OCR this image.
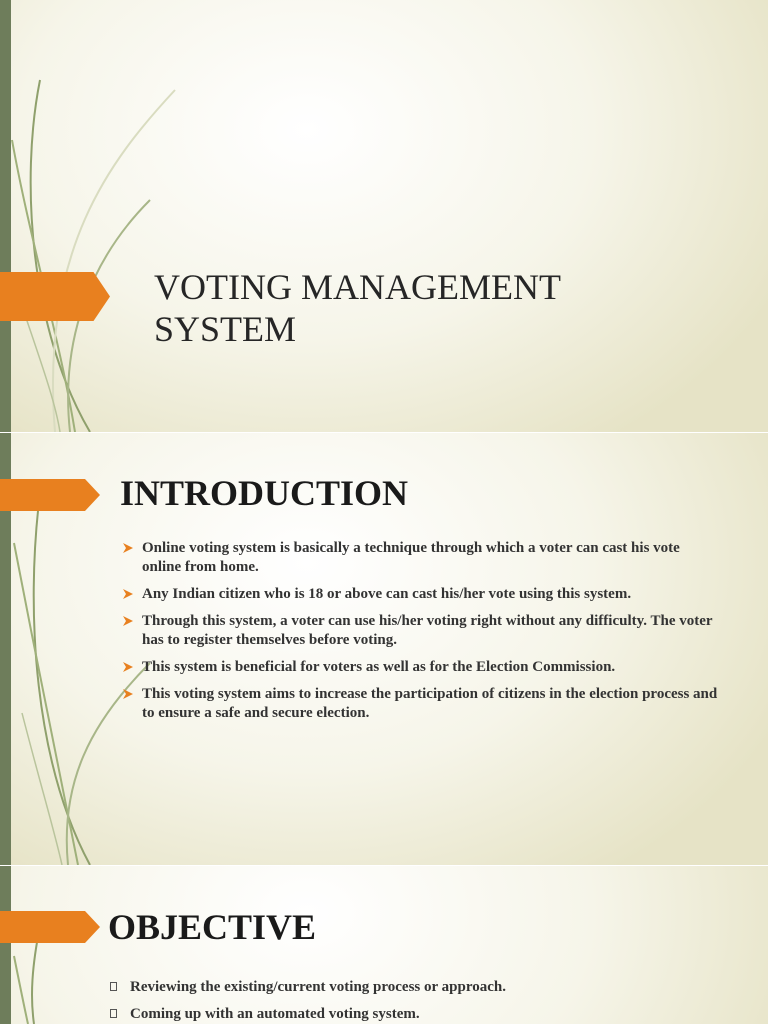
VOTING MANAGEMENT SYSTEM
INTRODUCTION
Online voting system is basically a technique through which a voter can cast his vote online from home.
Any Indian citizen who is 18 or above can cast his/her vote using this system.
Through this system, a voter can use his/her voting right without any difficulty. The voter has to register themselves before voting.
This system is beneficial for voters as well as for the Election Commission.
This voting system aims to increase the participation of citizens in the election process and to ensure a safe and secure election.
OBJECTIVE
Reviewing the existing/current voting process or approach.
Coming up with an automated voting system.
